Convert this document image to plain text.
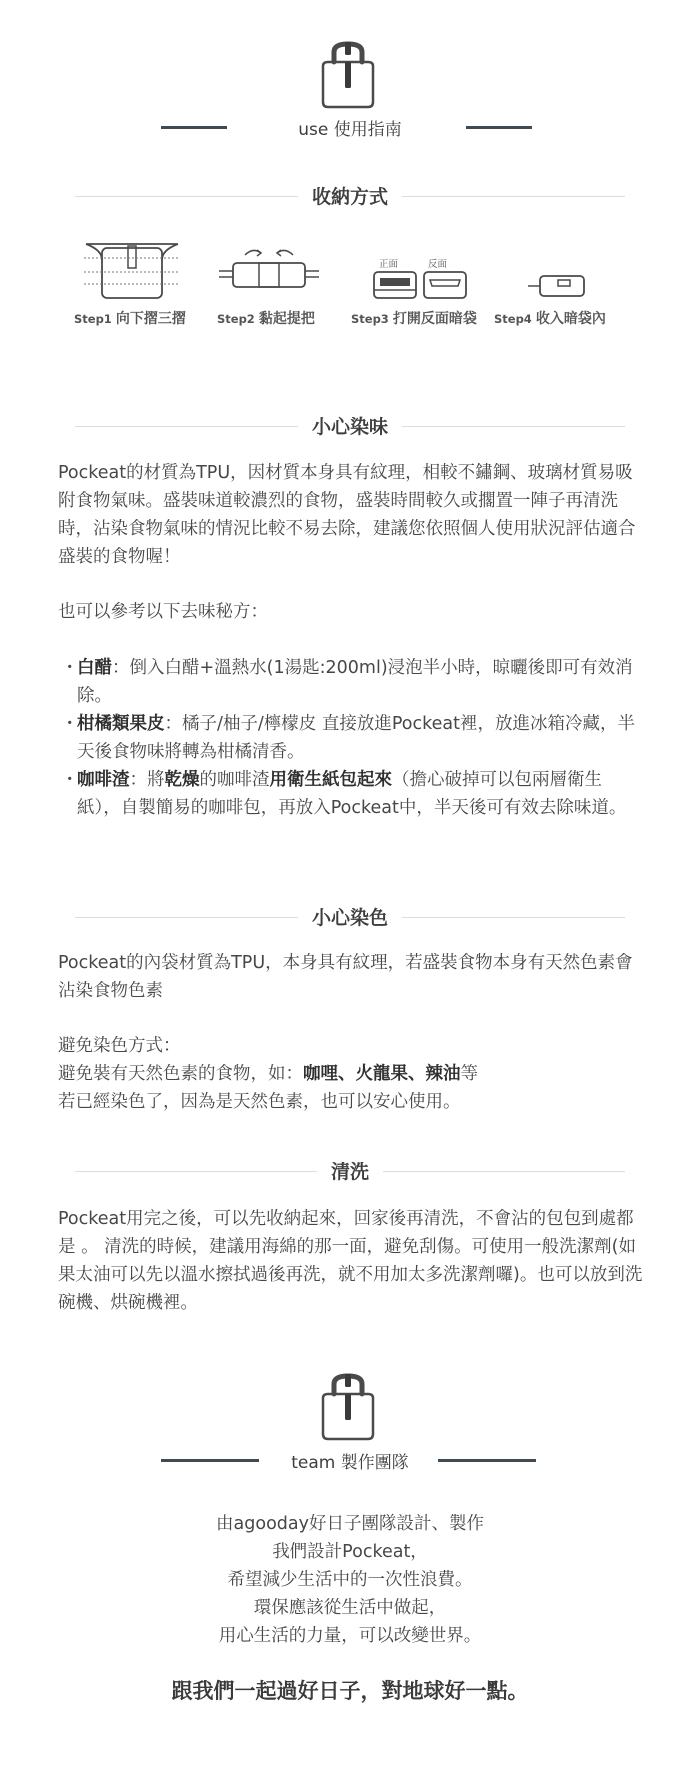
use 使用指南
收納方式
正面	反面
Step1 向下摺三摺	Step2 黏起提把	Step3 打開反面暗袋 Step4 收入暗袋內
小心染味

Pockeat的材質為TPU，因材質本身具有紋理，相較不鏽鋼、玻璃材質易吸附食物氣味。盛裝味道較濃烈的食物，盛裝時間較久或擱置一陣子再清洗時，沾染食物氣味的情況比較不易去除，建議您依照個人使用狀況評估適合盛裝的食物喔！

也可以參考以下去味秘方：

・
白醋：倒入白醋+溫熱水(1湯匙:200ml)浸泡半小時，晾曬後即可有效消除。
・
柑橘類果皮：橘子/柚子/檸檬皮 直接放進Pockeat裡，放進冰箱冷藏，半天後食物味將轉為柑橘清香。
・
咖啡渣：將乾燥的咖啡渣用衛生紙包起來（擔心破掉可以包兩層衛生紙），自製簡易的咖啡包，再放入Pockeat中，半天後可有效去除味道。
小心染色

Pockeat的內袋材質為TPU，本身具有紋理，若盛裝食物本身有天然色素會沾染食物色素

避免染色方式：

避免裝有天然色素的食物，如：咖哩、火龍果、辣油等

若已經染色了，因為是天然色素，也可以安心使用。

清洗

Pockeat用完之後，可以先收納起來，回家後再清洗，不會沾的包包到處都是 。 清洗的時候，建議用海綿的那一面，避免刮傷。可使用一般洗潔劑(如果太油可以先以溫水擦拭過後再洗，就不用加太多洗潔劑囉)。也可以放到洗碗機、烘碗機裡。

team 製作團隊
由agooday好日子團隊設計、製作
我們設計Pockeat，
希望減少生活中的一次性浪費。
環保應該從生活中做起，
用心生活的力量，可以改變世界。
跟我們一起過好日子，對地球好一點。
